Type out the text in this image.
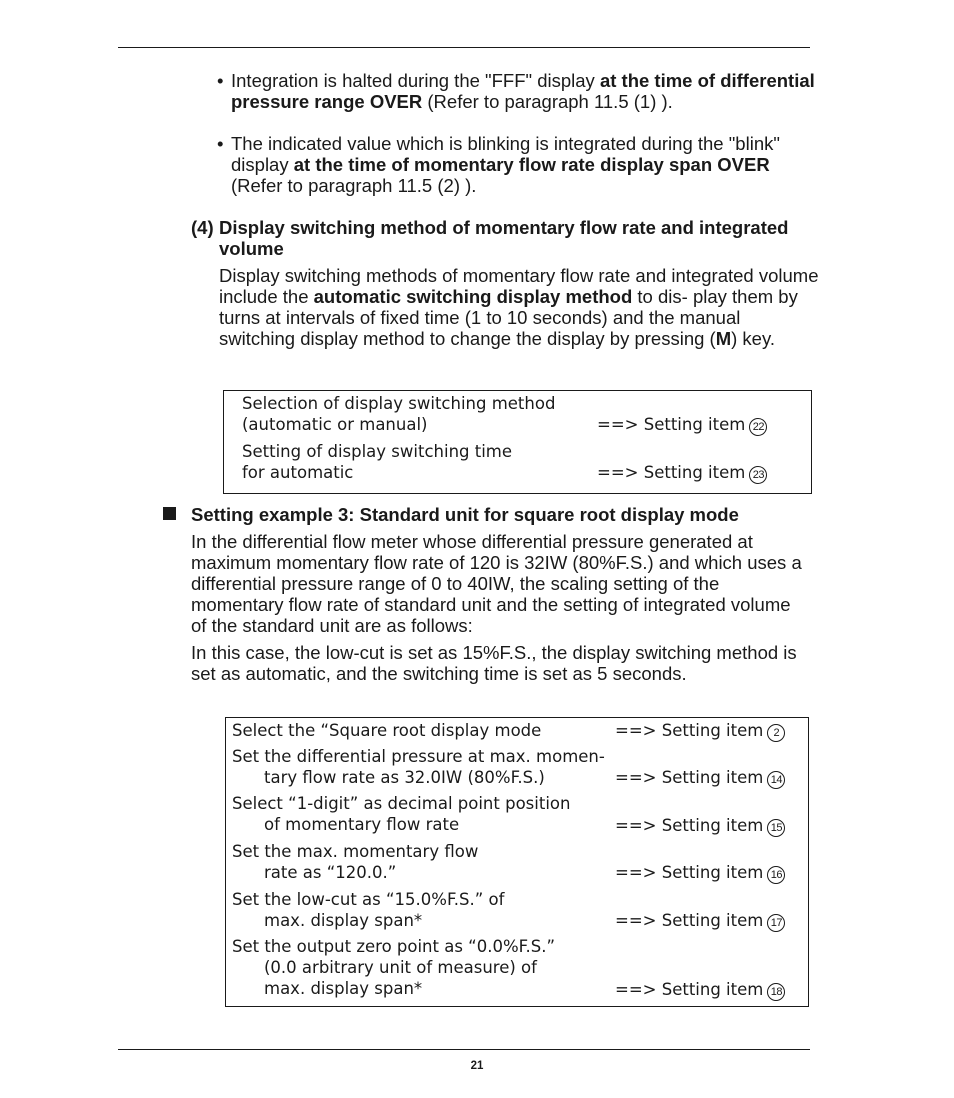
• Integration is halted during the "FFF" display at the time of differential pressure range OVER (Refer to paragraph 11.5 (1) ).
• The indicated value which is blinking is integrated during the "blink" display at the time of momentary flow rate display span OVER (Refer to paragraph 11.5 (2) ).
(4) Display switching method of momentary flow rate and integrated volume
Display switching methods of momentary flow rate and integrated volume include the automatic switching display method to dis- play them by turns at intervals of fixed time (1 to 10 seconds) and the manual switching display method to change the display by pressing (M) key.
Selection of display switching method
(automatic or manual)	==> Setting item 22
Setting of display switching time
for automatic	==> Setting item 23
Setting example 3: Standard unit for square root display mode
In the differential flow meter whose differential pressure generated at maximum momentary flow rate of 120 is 32IW (80%F.S.) and which uses a differential pressure range of 0 to 40IW, the scaling setting of the momentary flow rate of standard unit and the setting of integrated volume of the standard unit are as follows:
In this case, the low-cut is set as 15%F.S., the display switching method is set as automatic, and the switching time is set as 5 seconds.
Select the “Square root display mode	==> Setting item 2
Set the differential pressure at max. momen-
tary flow rate as 32.0IW (80%F.S.)	==> Setting item 14
Select “1-digit” as decimal point position
of momentary flow rate	==> Setting item 15
Set the max. momentary flow
rate as “120.0.”	==> Setting item 16
Set the low-cut as “15.0%F.S.” of
max. display span*	==> Setting item 17
Set the output zero point as “0.0%F.S.”
(0.0 arbitrary unit of measure) of
max. display span*	==> Setting item 18
21
